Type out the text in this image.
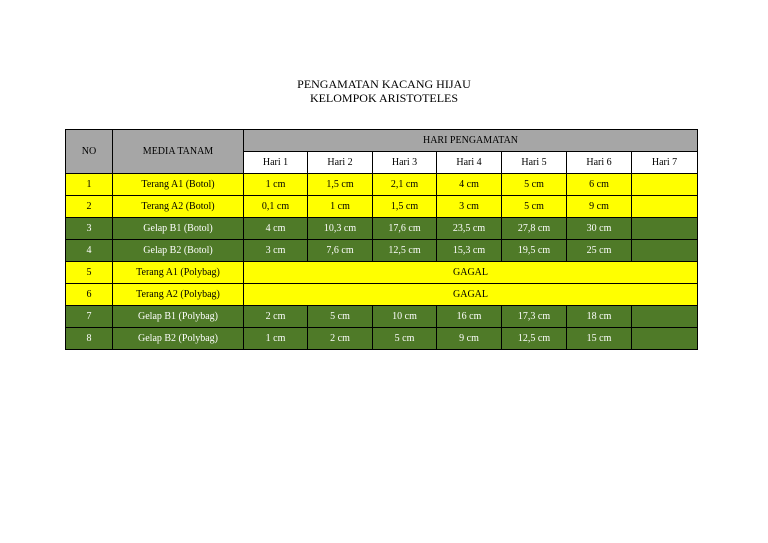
PENGAMATAN KACANG HIJAU
KELOMPOK ARISTOTELES
NO	MEDIA TANAM	HARI PENGAMATAN						
		Hari 1	Hari 2	Hari 3	Hari 4	Hari 5	Hari 6	Hari 7
1	Terang A1 (Botol)	1 cm	1,5 cm	2,1 cm	4 cm	5 cm	6 cm	
2	Terang A2 (Botol)	0,1 cm	1 cm	1,5 cm	3 cm	5 cm	9 cm	
3	Gelap B1 (Botol)	4 cm	10,3 cm	17,6 cm	23,5 cm	27,8 cm	30 cm	
4	Gelap B2 (Botol)	3 cm	7,6 cm	12,5 cm	15,3 cm	19,5 cm	25 cm	
5	Terang A1 (Polybag)	GAGAL						
6	Terang A2 (Polybag)	GAGAL						
7	Gelap B1 (Polybag)	2 cm	5 cm	10 cm	16 cm	17,3 cm	18 cm	
8	Gelap B2 (Polybag)	1 cm	2 cm	5 cm	9 cm	12,5 cm	15 cm	
